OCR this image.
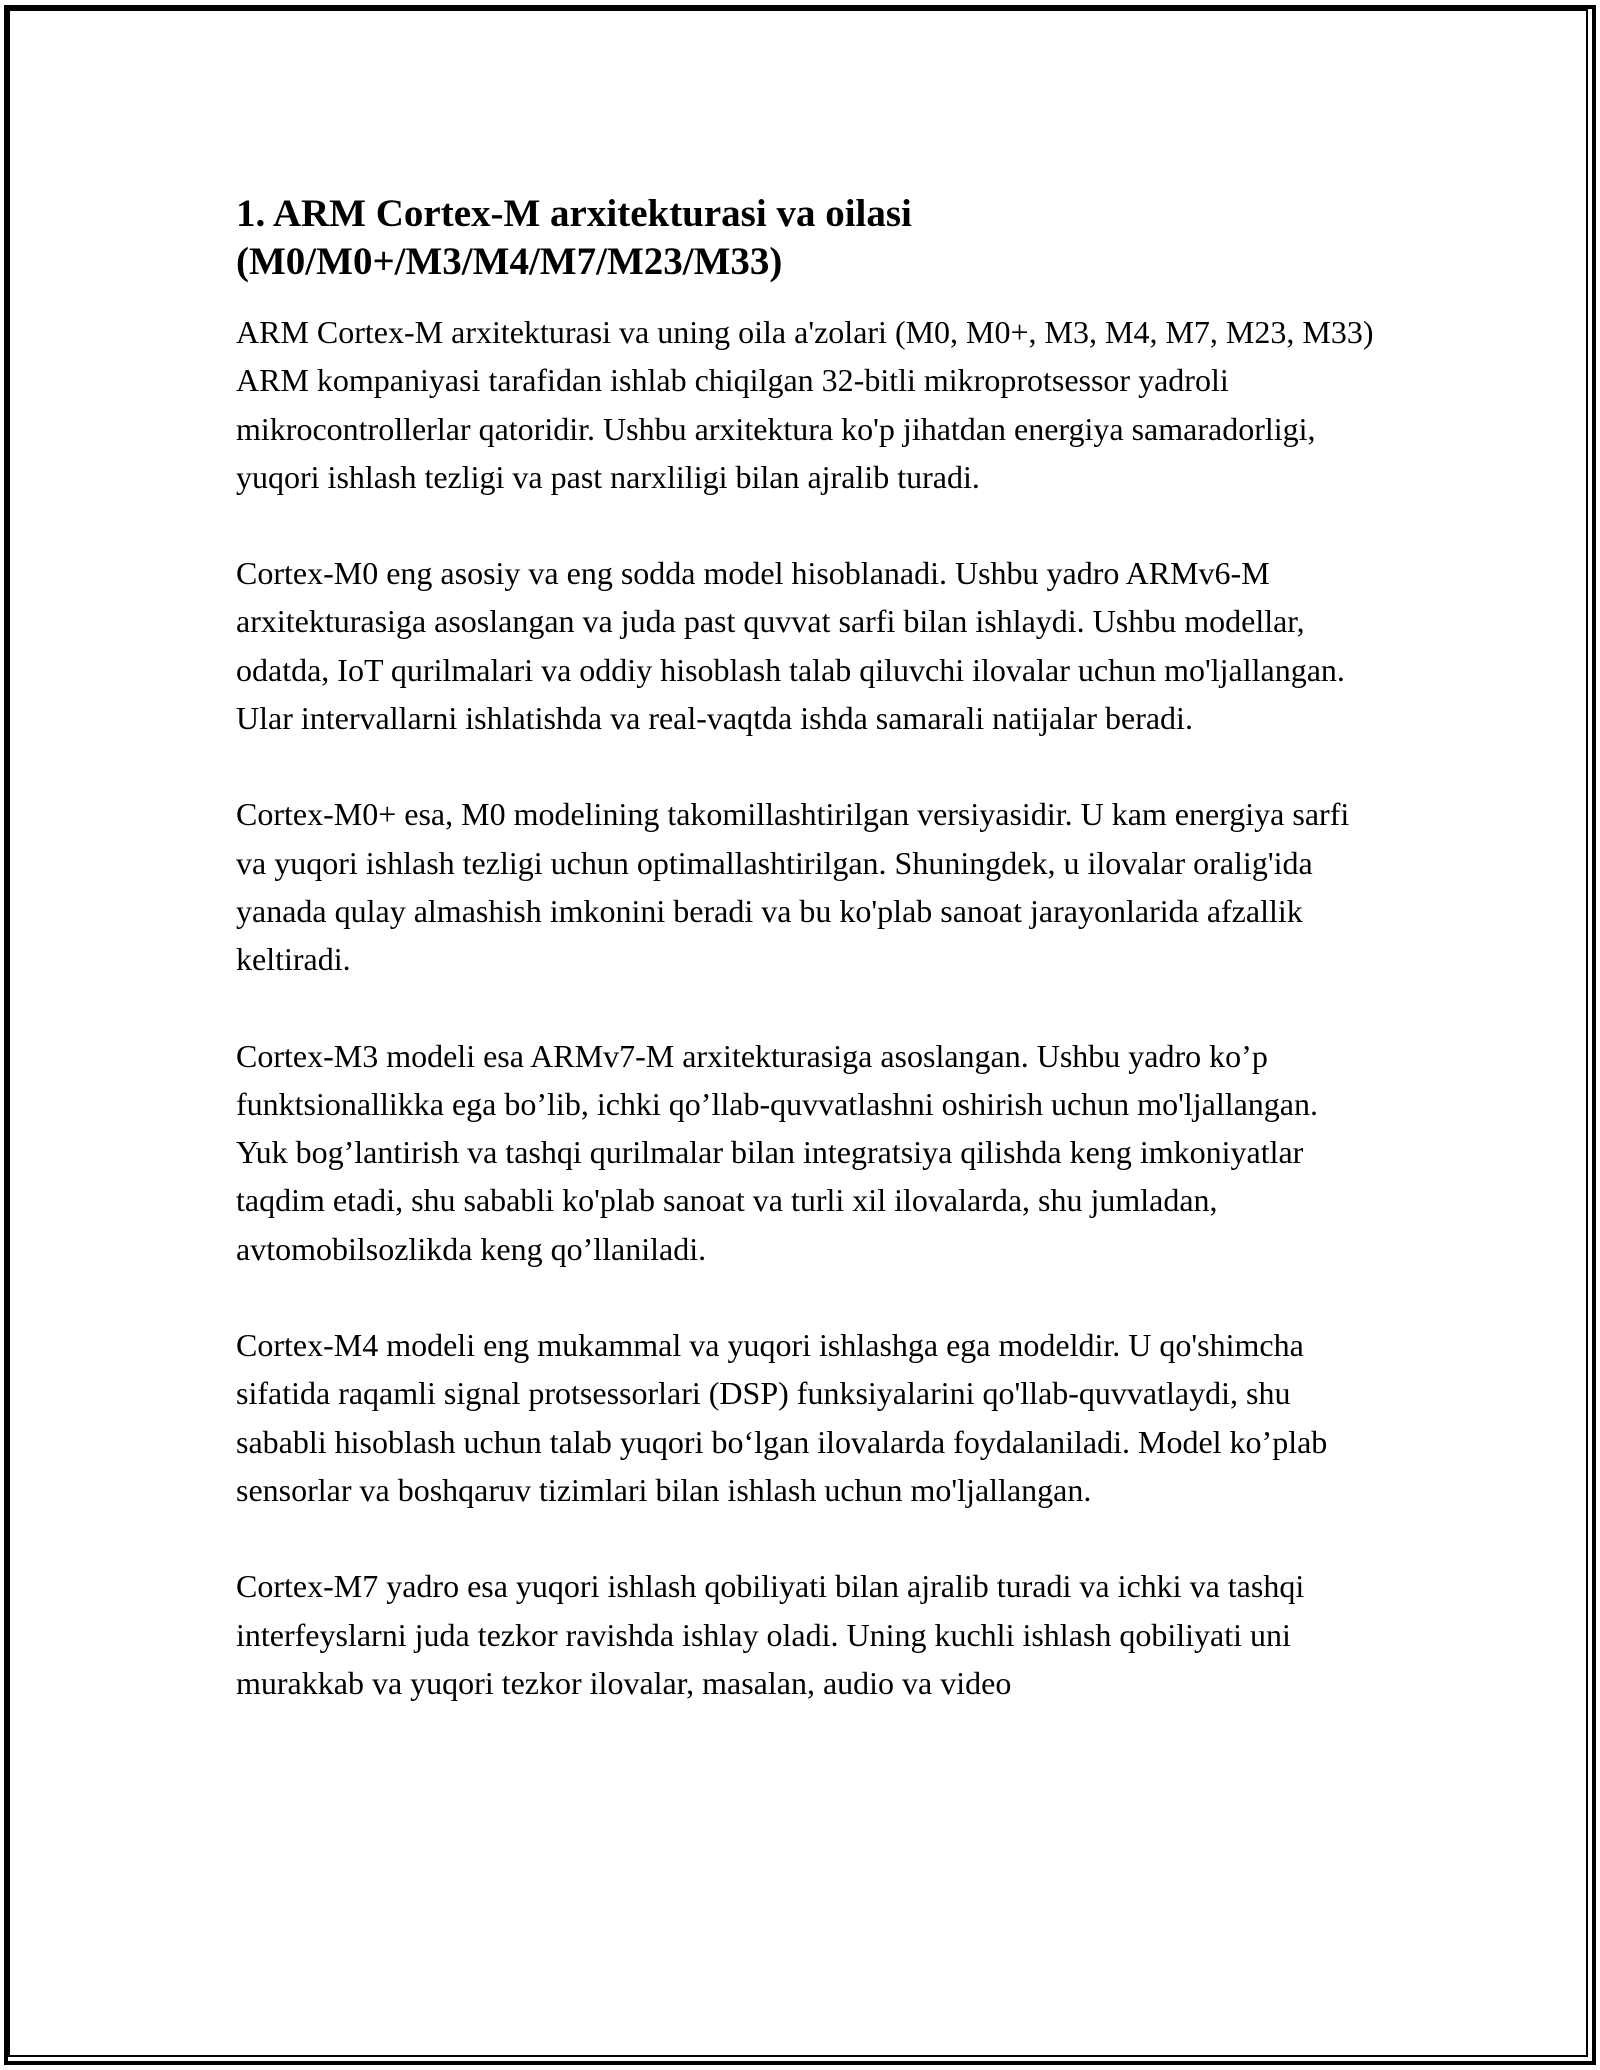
1. ARM Cortex-M arxitekturasi va oilasi
(M0/M0+/M3/M4/M7/M23/M33)

ARM Cortex-M arxitekturasi va uning oila a'zolari (M0, M0+, M3, M4, M7, M23, M33) ARM kompaniyasi tarafidan ishlab chiqilgan 32-bitli mikroprotsessor yadroli mikrocontrollerlar qatoridir. Ushbu arxitektura ko'p jihatdan energiya samaradorligi, yuqori ishlash tezligi va past narxliligi bilan ajralib turadi.

Cortex-M0 eng asosiy va eng sodda model hisoblanadi. Ushbu yadro ARMv6-M arxitekturasiga asoslangan va juda past quvvat sarfi bilan ishlaydi. Ushbu modellar, odatda, IoT qurilmalari va oddiy hisoblash talab qiluvchi ilovalar uchun mo'ljallangan. Ular intervallarni ishlatishda va real-vaqtda ishda samarali natijalar beradi.

Cortex-M0+ esa, M0 modelining takomillashtirilgan versiyasidir. U kam energiya sarfi va yuqori ishlash tezligi uchun optimallashtirilgan. Shuningdek, u ilovalar oralig'ida yanada qulay almashish imkonini beradi va bu ko'plab sanoat jarayonlarida afzallik keltiradi.

Cortex-M3 modeli esa ARMv7-M arxitekturasiga asoslangan. Ushbu yadro ko’p funktsionallikka ega bo’lib, ichki qo’llab-quvvatlashni oshirish uchun mo'ljallangan. Yuk bog’lantirish va tashqi qurilmalar bilan integratsiya qilishda keng imkoniyatlar taqdim etadi, shu sababli ko'plab sanoat va turli xil ilovalarda, shu jumladan, avtomobilsozlikda keng qo’llaniladi.

Cortex-M4 modeli eng mukammal va yuqori ishlashga ega modeldir. U qo'shimcha sifatida raqamli signal protsessorlari (DSP) funksiyalarini qo'llab-quvvatlaydi, shu sababli hisoblash uchun talab yuqori bo‘lgan ilovalarda foydalaniladi. Model ko’plab sensorlar va boshqaruv tizimlari bilan ishlash uchun mo'ljallangan.

Cortex-M7 yadro esa yuqori ishlash qobiliyati bilan ajralib turadi va ichki va tashqi interfeyslarni juda tezkor ravishda ishlay oladi. Uning kuchli ishlash qobiliyati uni murakkab va yuqori tezkor ilovalar, masalan, audio va video
